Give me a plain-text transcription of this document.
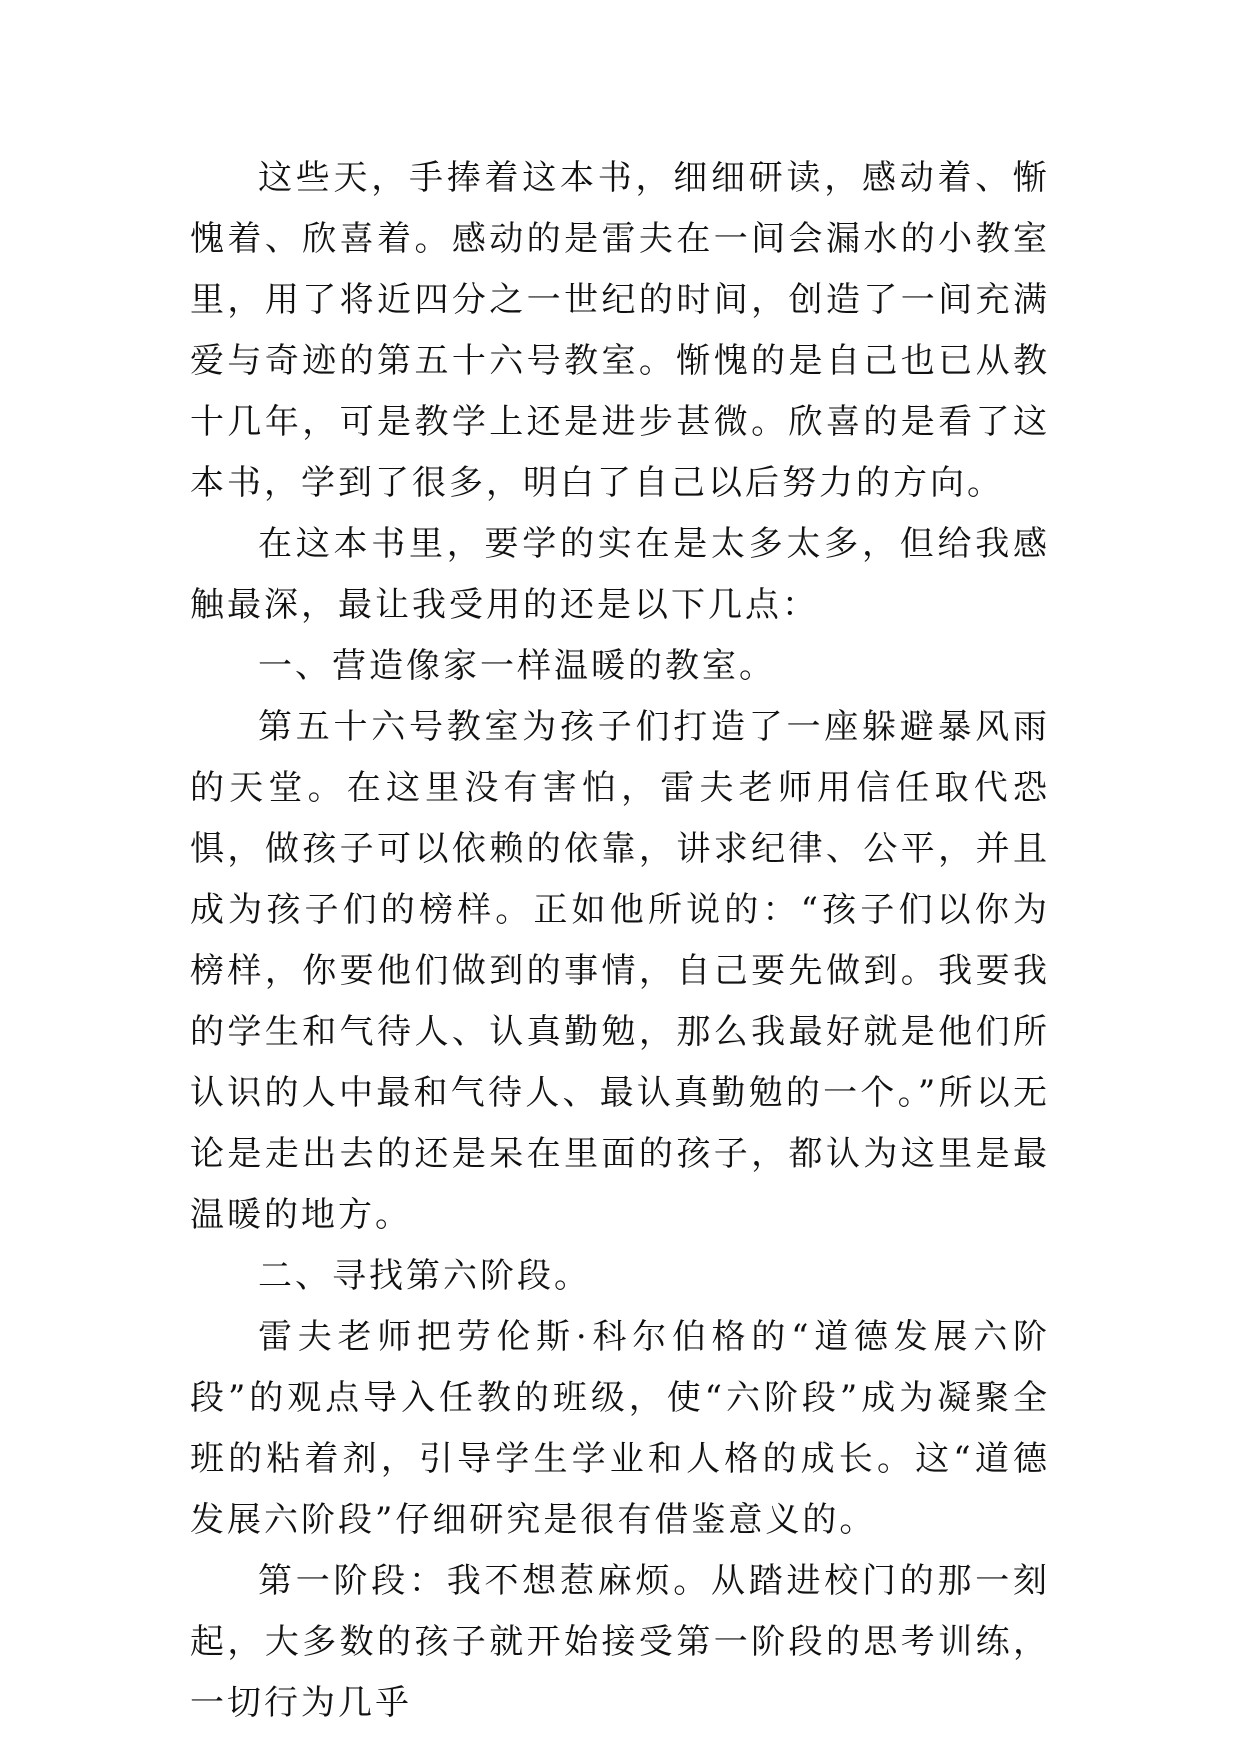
这些天，手捧着这本书，细细研读，感动着、惭愧着、欣喜着。感动的是雷夫在一间会漏水的小教室里，用了将近四分之一世纪的时间，创造了一间充满爱与奇迹的第五十六号教室。惭愧的是自己也已从教十几年，可是教学上还是进步甚微。欣喜的是看了这本书，学到了很多，明白了自己以后努力的方向。

在这本书里，要学的实在是太多太多，但给我感触最深，最让我受用的还是以下几点：

一、营造像家一样温暖的教室。

第五十六号教室为孩子们打造了一座躲避暴风雨的天堂。在这里没有害怕，雷夫老师用信任取代恐惧，做孩子可以依赖的依靠，讲求纪律、公平，并且成为孩子们的榜样。正如他所说的：“孩子们以你为榜样，你要他们做到的事情，自己要先做到。我要我的学生和气待人、认真勤勉，那么我最好就是他们所认识的人中最和气待人、最认真勤勉的一个。”所以无论是走出去的还是呆在里面的孩子，都认为这里是最温暖的地方。

二、寻找第六阶段。

雷夫老师把劳伦斯·科尔伯格的“道德发展六阶段”的观点导入任教的班级，使“六阶段”成为凝聚全班的粘着剂，引导学生学业和人格的成长。这“道德发展六阶段”仔细研究是很有借鉴意义的。

第一阶段：我不想惹麻烦。从踏进校门的那一刻起，大多数的孩子就开始接受第一阶段的思考训练，一切行为几乎
